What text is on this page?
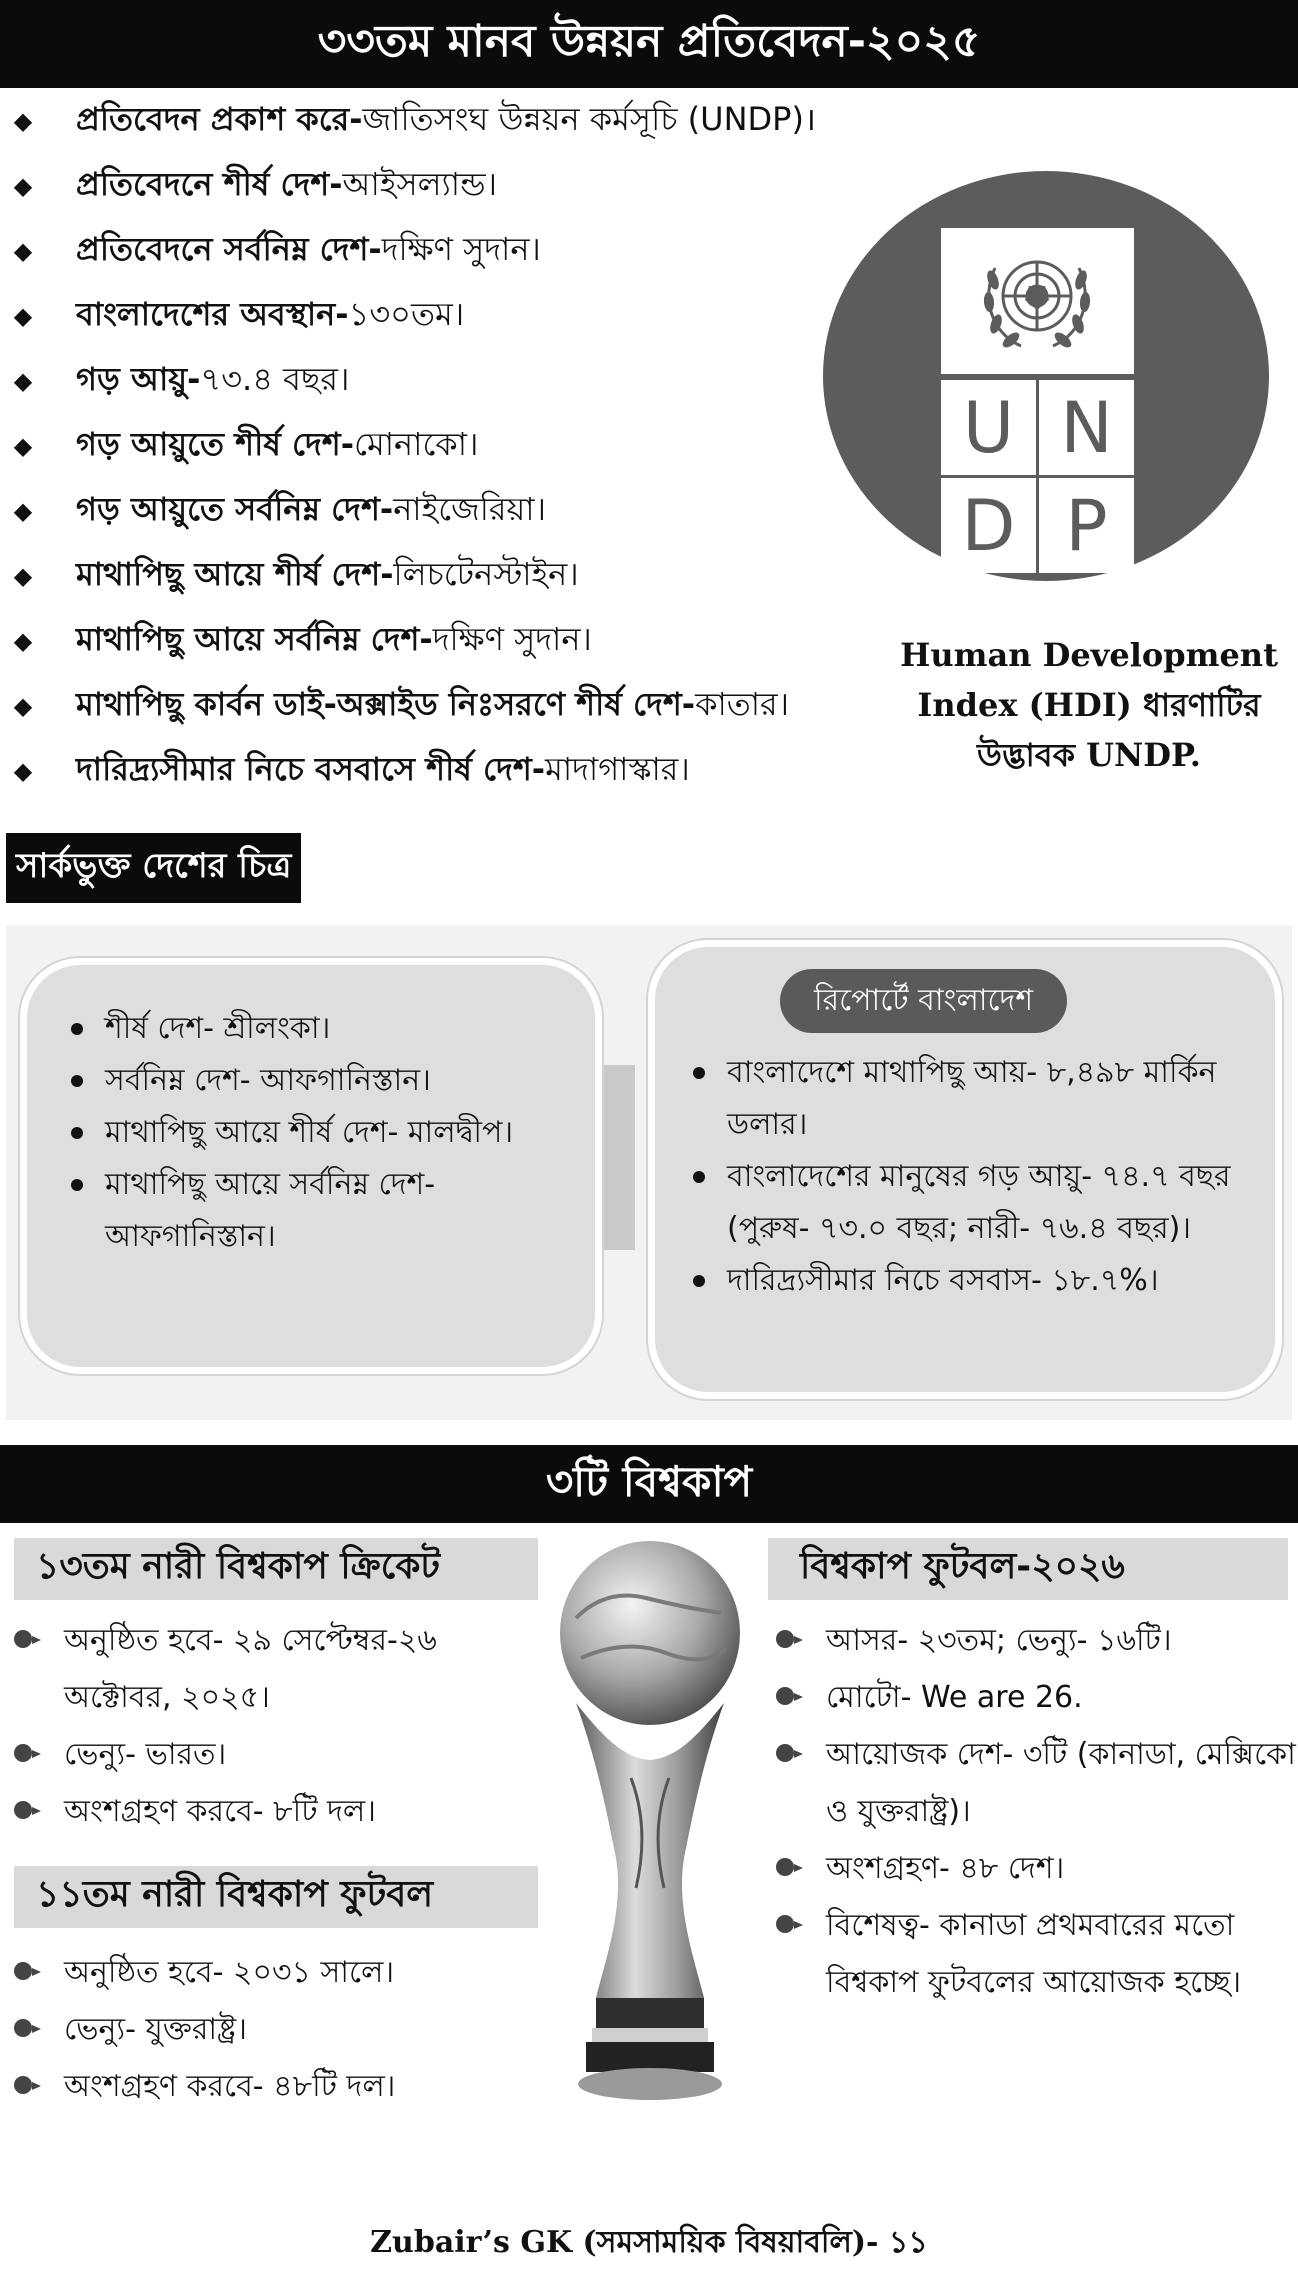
৩৩তম মানব উন্নয়ন প্রতিবেদন-২০২৫
◆ প্রতিবেদন প্রকাশ করে- জাতিসংঘ উন্নয়ন কর্মসূচি (UNDP)।
◆ প্রতিবেদনে শীর্ষ দেশ- আইসল্যান্ড।
◆ প্রতিবেদনে সর্বনিম্ন দেশ- দক্ষিণ সুদান।
◆ বাংলাদেশের অবস্থান- ১৩০তম।
◆ গড় আয়ু- ৭৩.৪ বছর।
◆ গড় আয়ুতে শীর্ষ দেশ- মোনাকো।
◆ গড় আয়ুতে সর্বনিম্ন দেশ- নাইজেরিয়া।
◆ মাথাপিছু আয়ে শীর্ষ দেশ- লিচটেনস্টাইন।
◆ মাথাপিছু আয়ে সর্বনিম্ন দেশ- দক্ষিণ সুদান।
◆ মাথাপিছু কার্বন ডাই-অক্সাইড নিঃসরণে শীর্ষ দেশ- কাতার।
◆ দারিদ্র্যসীমার নিচে বসবাসে শীর্ষ দেশ- মাদাগাস্কার।
U N
D P
Human Development Index (HDI) ধারণাটির উদ্ভাবক UNDP.
সার্কভুক্ত দেশের চিত্র
শীর্ষ দেশ- শ্রীলংকা।
সর্বনিম্ন দেশ- আফগানিস্তান।
মাথাপিছু আয়ে শীর্ষ দেশ- মালদ্বীপ।
মাথাপিছু আয়ে সর্বনিম্ন দেশ- আফগানিস্তান।
রিপোর্টে বাংলাদেশ
বাংলাদেশে মাথাপিছু আয়- ৮,৪৯৮ মার্কিন ডলার।
বাংলাদেশের মানুষের গড় আয়ু- ৭৪.৭ বছর (পুরুষ- ৭৩.০ বছর; নারী- ৭৬.৪ বছর)।
দারিদ্র্যসীমার নিচে বসবাস- ১৮.৭%।
৩টি বিশ্বকাপ
১৩তম নারী বিশ্বকাপ ক্রিকেট
অনুষ্ঠিত হবে- ২৯ সেপ্টেম্বর-২৬ অক্টোবর, ২০২৫।
ভেন্যু- ভারত।
অংশগ্রহণ করবে- ৮টি দল।
১১তম নারী বিশ্বকাপ ফুটবল
অনুষ্ঠিত হবে- ২০৩১ সালে।
ভেন্যু- যুক্তরাষ্ট্র।
অংশগ্রহণ করবে- ৪৮টি দল।
বিশ্বকাপ ফুটবল-২০২৬
আসর- ২৩তম; ভেন্যু- ১৬টি।
মোটো- We are 26.
আয়োজক দেশ- ৩টি (কানাডা, মেক্সিকো ও যুক্তরাষ্ট্র)।
অংশগ্রহণ- ৪৮ দেশ।
বিশেষত্ব- কানাডা প্রথমবারের মতো বিশ্বকাপ ফুটবলের আয়োজক হচ্ছে।
Zubair’s GK (সমসাময়িক বিষয়াবলি)- ১১
